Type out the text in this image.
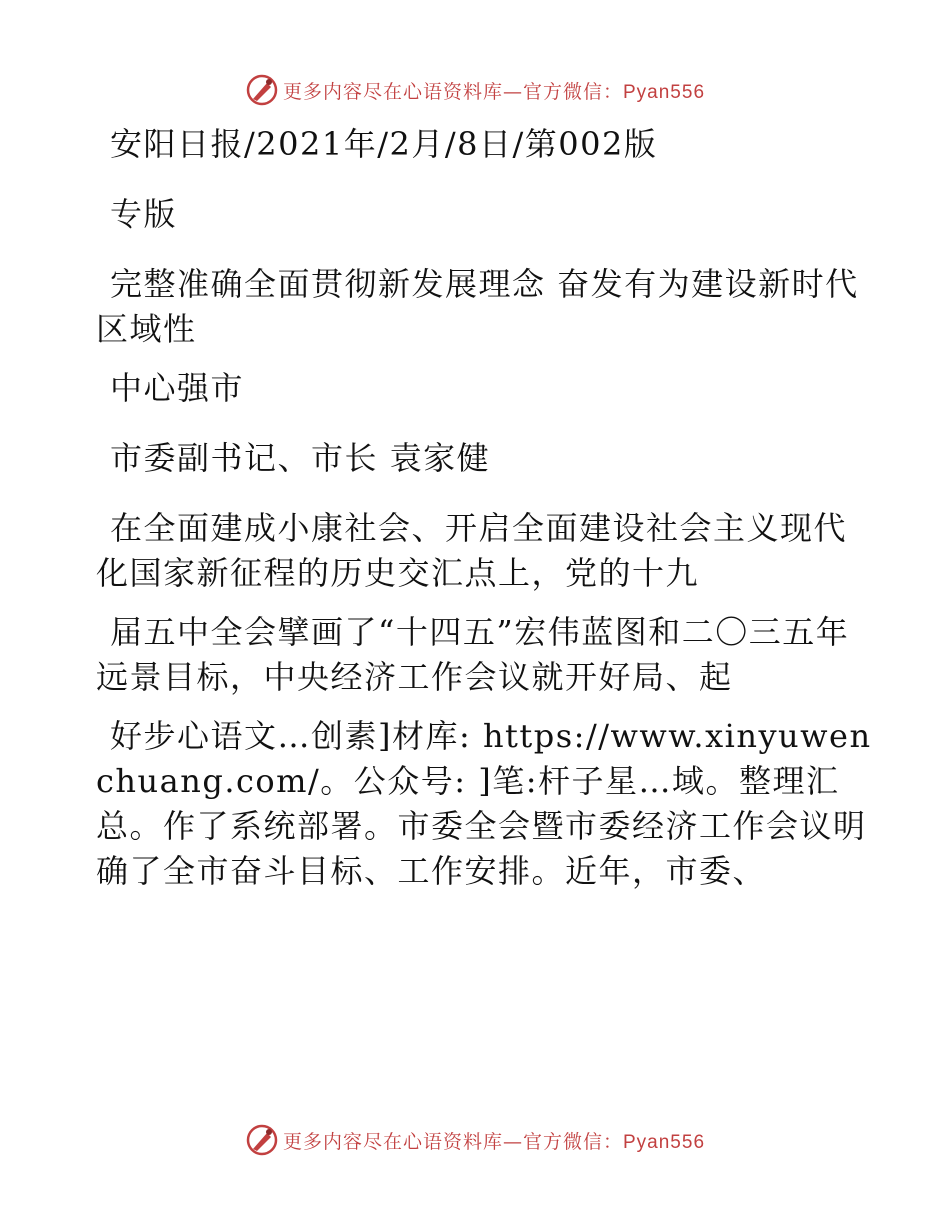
更多内容尽在心语资料库—官方微信：Pyan556

安阳日报/2021年/2月/8日/第002版

专版

完整准确全面贯彻新发展理念 奋发有为建设新时代区域性

中心强市

市委副书记、市长 袁家健

在全面建成小康社会、开启全面建设社会主义现代化国家新征程的历史交汇点上，党的十九

届五中全会擘画了“十四五”宏伟蓝图和二〇三五年远景目标，中央经济工作会议就开好局、起

好步心语文…创素]材库: https://www.xinyuwenchuang.com/。公众号: ]笔:杆子星…域。整理汇总。作了系统部署。市委全会暨市委经济工作会议明确了全市奋斗目标、工作安排。近年，市委、

更多内容尽在心语资料库—官方微信：Pyan556
